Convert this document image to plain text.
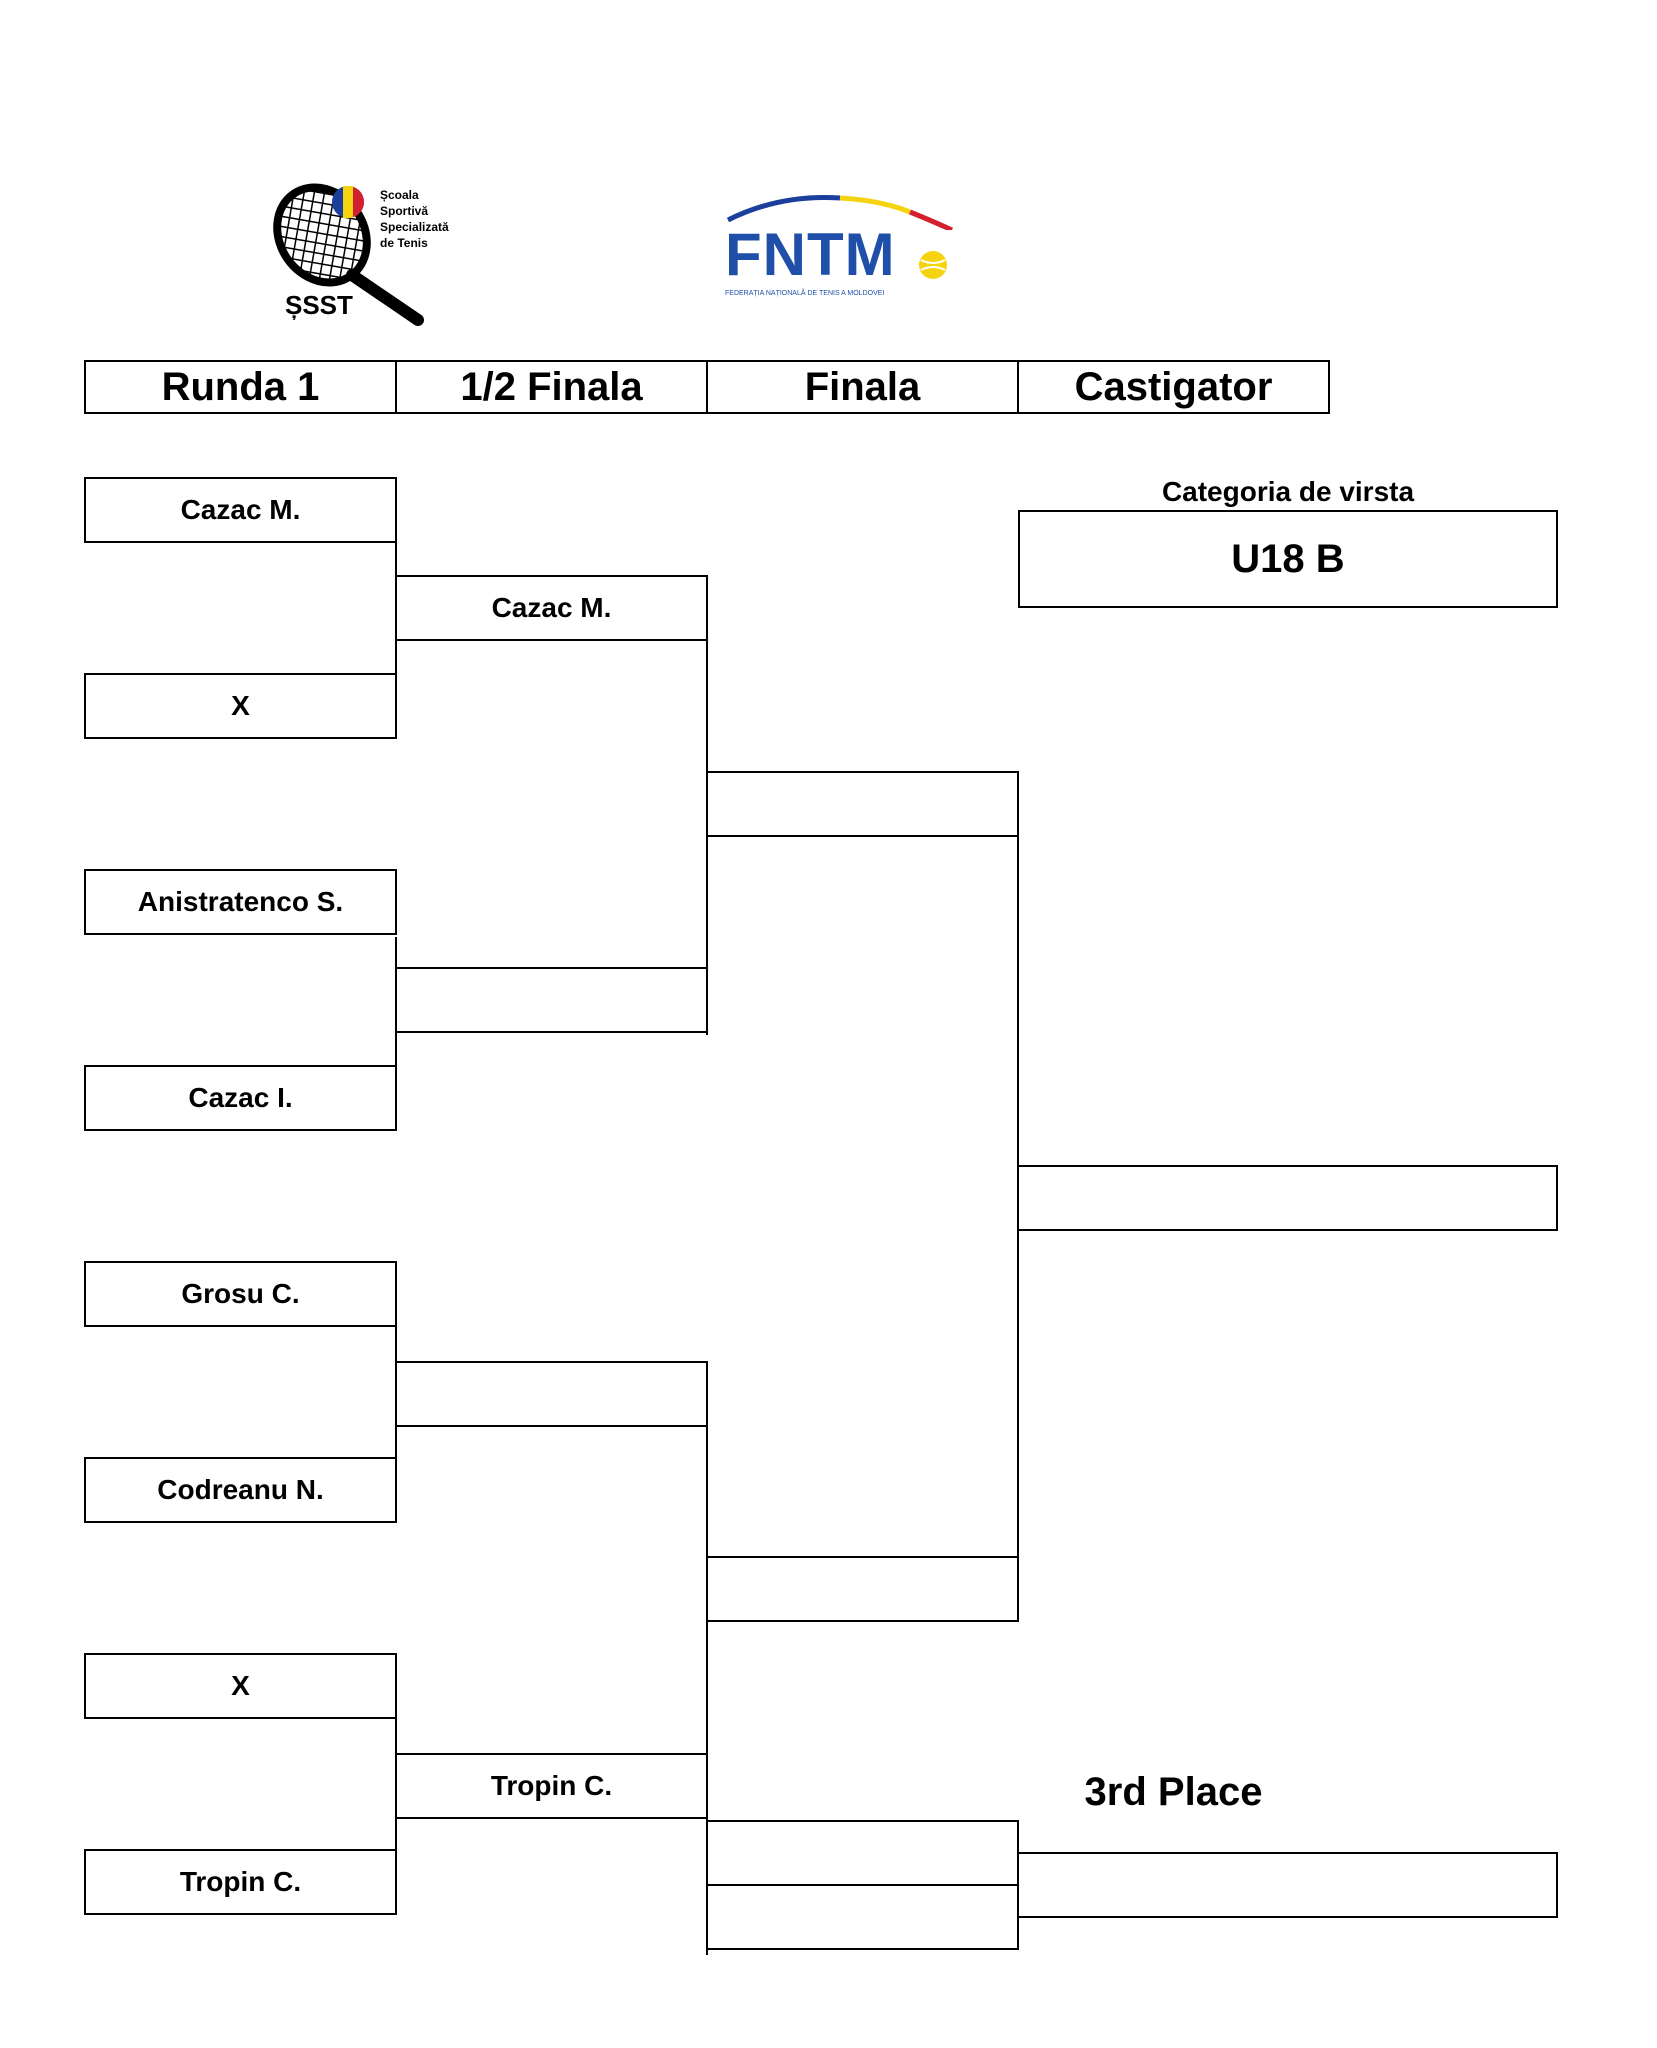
Școala
Sportivă
Specializată
de Tenis
ȘSST
FNTM
FEDERAȚIA NAȚIONALĂ DE TENIS A MOLDOVEI
Runda 1	1/2 Finala	Finala	Castigator
Categoria de virsta
U18 B
Cazac M.
X
Anistratenco S.
Cazac I.
Grosu C.
Codreanu N.
X
Tropin C.
Cazac M.
Tropin C.	3rd Place
